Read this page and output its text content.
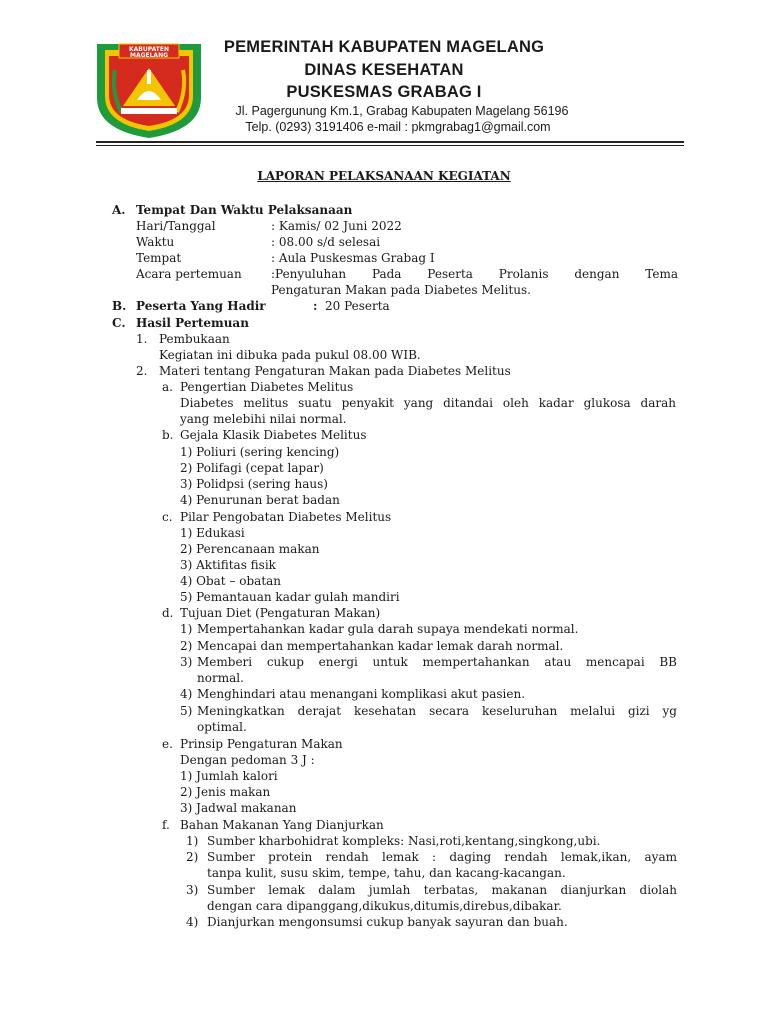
KABUPATEN
MAGELANG	PEMERINTAH KABUPATEN MAGELANG
DINAS KESEHATAN
PUSKESMAS GRABAG I
Jl. Pagergunung Km.1, Grabag Kabupaten Magelang 56196
Telp. (0293) 3191406 e-mail : pkmgrabag1@gmail.com
LAPORAN PELAKSANAAN KEGIATAN
A. Tempat Dan Waktu Pelaksanaan
Hari/Tanggal	: Kamis/ 02 Juni 2022
Waktu	: 08.00 s/d selesai
Tempat	: Aula Puskesmas Grabag I
Acara pertemuan :Penyuluhan Pada Peserta Prolanis dengan Tema
Pengaturan Makan pada Diabetes Melitus.
B. Peserta Yang Hadir	: 20 Peserta
C. Hasil Pertemuan
1. Pembukaan
Kegiatan ini dibuka pada pukul 08.00 WIB.
2. Materi tentang Pengaturan Makan pada Diabetes Melitus
a. Pengertian Diabetes Melitus
Diabetes melitus suatu penyakit yang ditandai oleh kadar glukosa darah
yang melebihi nilai normal.
b. Gejala Klasik Diabetes Melitus
1) Poliuri (sering kencing)
2) Polifagi (cepat lapar)
3) Polidpsi (sering haus)
4) Penurunan berat badan
c. Pilar Pengobatan Diabetes Melitus
1) Edukasi
2) Perencanaan makan
3) Aktifitas fisik
4) Obat – obatan
5) Pemantauan kadar gulah mandiri
d. Tujuan Diet (Pengaturan Makan)
1) Mempertahankan kadar gula darah supaya mendekati normal.
2) Mencapai dan mempertahankan kadar lemak darah normal.
3) Memberi cukup energi untuk mempertahankan atau mencapai BB
normal.
4) Menghindari atau menangani komplikasi akut pasien.
5) Meningkatkan derajat kesehatan secara keseluruhan melalui gizi yg
optimal.
e. Prinsip Pengaturan Makan
Dengan pedoman 3 J :
1) Jumlah kalori
2) Jenis makan
3) Jadwal makanan
f. Bahan Makanan Yang Dianjurkan
1) Sumber kharbohidrat kompleks: Nasi,roti,kentang,singkong,ubi.
2) Sumber protein rendah lemak : daging rendah lemak,ikan, ayam
tanpa kulit, susu skim, tempe, tahu, dan kacang-kacangan.
3) Sumber lemak dalam jumlah terbatas, makanan dianjurkan diolah
dengan cara dipanggang,dikukus,ditumis,direbus,dibakar.
4) Dianjurkan mengonsumsi cukup banyak sayuran dan buah.
